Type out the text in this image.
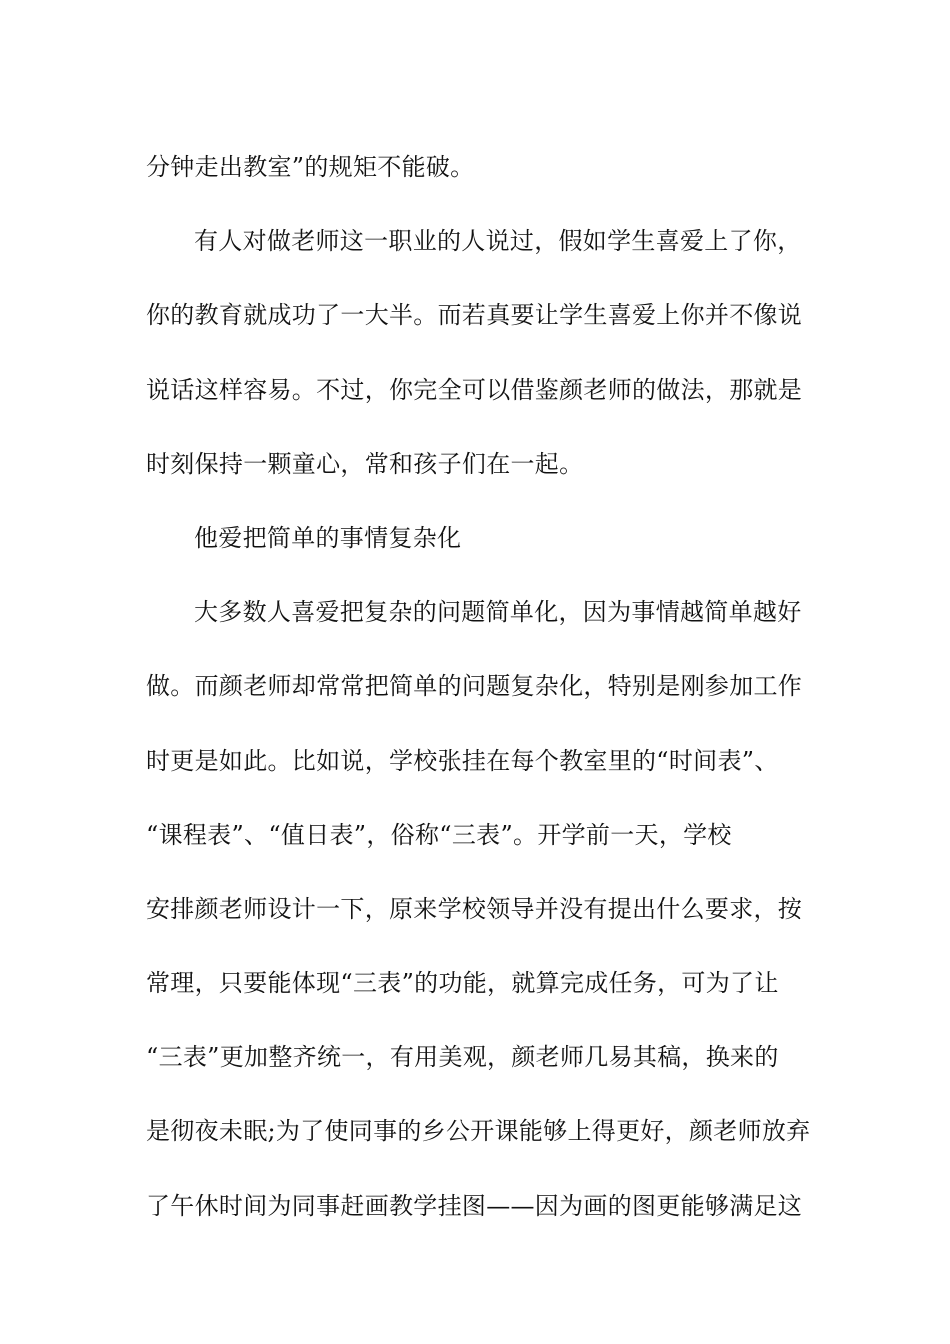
分钟走出教室”的规矩不能破。
有人对做老师这一职业的人说过，假如学生喜爱上了你，
你的教育就成功了一大半。而若真要让学生喜爱上你并不像说
说话这样容易。不过，你完全可以借鉴颜老师的做法，那就是
时刻保持一颗童心，常和孩子们在一起。
他爱把简单的事情复杂化
大多数人喜爱把复杂的问题简单化，因为事情越简单越好
做。而颜老师却常常把简单的问题复杂化，特别是刚参加工作
时更是如此。比如说，学校张挂在每个教室里的“时间表”、
“课程表”、“值日表”，俗称“三表”。开学前一天，学校
安排颜老师设计一下，原来学校领导并没有提出什么要求，按
常理，只要能体现“三表”的功能，就算完成任务，可为了让
“三表”更加整齐统一，有用美观，颜老师几易其稿，换来的
是彻夜未眠;为了使同事的乡公开课能够上得更好，颜老师放弃
了午休时间为同事赶画教学挂图——因为画的图更能够满足这
